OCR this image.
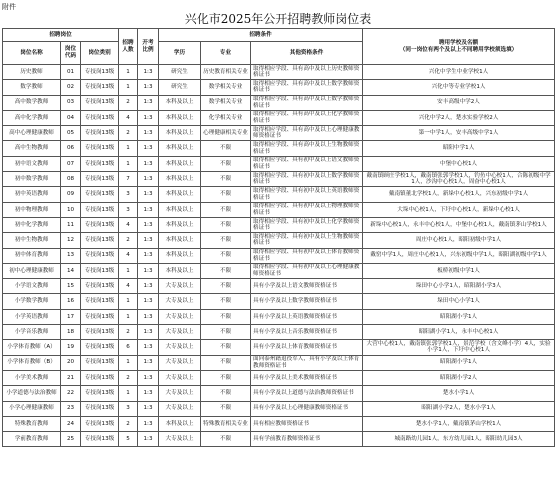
附件
兴化市2025年公开招聘教师岗位表
招聘岗位			招聘人数	开考比例	招聘条件			聘用学校及名额
（同一岗位有两个及以上不同聘用学校须选填）

岗位名称	岗位代码	岗位类别			学历	专业	其他资格条件	
历史教师	01	专技岗13级	1	1:3	研究生	历史教育相关专业	取得相应学段、具有高中及以上历史教师资格证书	兴化中学生中业学校1人
数学教师	02	专技岗13级	1	1:3	研究生	数学相关专业	取得相应学段、具有高中及以上数学教师资格证书	兴化中等专业学校1人
高中数学教师	03	专技岗13级	2	1:3	本科及以上	数学相关专业	取得相应学段、具有高中及以上数学教师资格证书	安丰高级中学2人
高中化学教师	04	专技岗13级	4	1:3	本科及以上	化学相关专业	取得相应学段、具有高中及以上化学教师资格证书	兴化中学2人，楚水实验学校2人
高中心理健康教师	05	专技岗13级	2	1:3	本科及以上	心理健康相关专业	取得相应学段、具有高中及以上心理健康教师资格证书	第一中学1人，安丰高级中学1人
高中生物教师	06	专技岗13级	1	1:3	本科及以上	不限	取得相应学段、具有高中及以上生物教师资格证书	昭阳中学1人
初中语文教师	07	专技岗13级	1	1:3	本科及以上	不限	取得相应学段、具有初中及以上语文教师资格证书	中堡中心校1人
初中数学教师	08	专技岗13级	7	1:3	本科及以上	不限	取得相应学段、具有初中及以上数学教师资格证书	戴南镇顾庄学校1人，戴南镇张郭学校1人，钓鱼中心校1人，合陈初级中学1人，沙沟中心校1人，周奋中心校1人
初中英语教师	09	专技岗13级	3	1:3	本科及以上	不限	取得相应学段、具有初中及以上英语教师资格证书	戴南镇董北学校1人，新垛中心校1人，兴东初级中学1人
初中物理教师	10	专技岗13级	3	1:3	本科及以上	不限	取得相应学段、具有初中及以上物理教师资格证书	大垛中心校1人，下圩中心校1人，新垛中心校1人
初中化学教师	11	专技岗13级	4	1:3	本科及以上	不限	取得相应学段、具有初中及以上化学教师资格证书	新垛中心校1人，永丰中心校1人，中堡中心校1人，戴南镇茅山学校1人
初中生物教师	12	专技岗13级	2	1:3	本科及以上	不限	取得相应学段、具有初中及以上生物教师资格证书	周庄中心校1人，昭阳初级中学1人
初中体育教师	13	专技岗13级	4	1:3	本科及以上	不限	取得相应学段、具有初中及以上体育教师资格证书	戴窑中学1人，周庄中心校1人，兴东初级中学1人，昭阳湖初级中学1人
初中心理健康教师	14	专技岗13级	1	1:3	本科及以上	不限	取得相应学段、具有初中及以上心理健康教师资格证书	板桥初级中学1人
小学语文教师	15	专技岗13级	4	1:3	大专及以上	不限	具有小学及以上语文教师资格证书	垛田中心小学1人，昭阳湖小学3人
小学数学教师	16	专技岗13级	1	1:3	大专及以上	不限	具有小学及以上数学教师资格证书	垛田中心小学1人
小学英语教师	17	专技岗13级	1	1:3	大专及以上	不限	具有小学及以上英语教师资格证书	昭阳湖小学1人
小学音乐教师	18	专技岗13级	2	1:3	大专及以上	不限	具有小学及以上音乐教师资格证书	昭阳湖小学1人，永丰中心校1人
小学体育教师（A）	19	专技岗13级	6	1:3	大专及以上	不限	具有小学及以上体育教师资格证书	大营中心校1人，戴南镇张郭学校1人，景范学校（含文峰小学）4人，实验小学1人，下圩中心校1人
小学体育教师（B）	20	专技岗13级	1	1:3	大专及以上	不限	面向泰州籍退役军人，具有小学及以上体育教师资格证书	昭阳湖小学1人
小学美术教师	21	专技岗13级	2	1:3	大专及以上	不限	具有小学及以上美术教师资格证书	昭阳湖小学2人
小学道德与法治教师	22	专技岗13级	1	1:3	大专及以上	不限	具有小学及以上道德与法治教师资格证书	楚水小学1人
小学心理健康教师	23	专技岗13级	3	1:3	大专及以上	不限	具有小学及以上心理健康教师资格证书	昭阳湖小学2人，楚水小学1人
特殊教育教师	24	专技岗13级	2	1:3	本科及以上	特殊教育相关专业	具有相应教师资格证书	楚水小学1人，戴南镇茅山学校1人
学前教育教师	25	专技岗13级	5	1:3	大专及以上	不限	具有学前教育教师资格证书	城南路幼儿园1人，东方幼儿园1人，昭阳幼儿园3人
